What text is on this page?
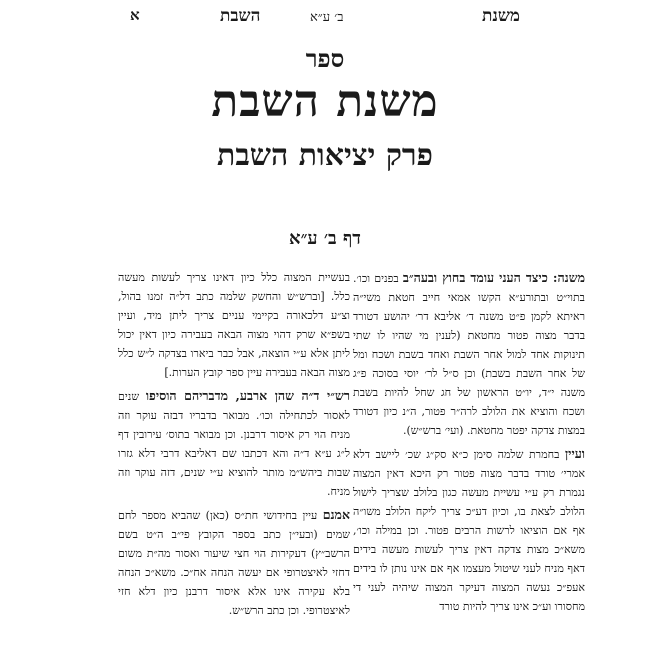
משנת
ב׳ ע״א
השבת
א
ספר
משנת השבת
פרק יציאות השבת
דף ב׳ ע״א

משנה: כיצד העני עומד בחוץ ובעה״ב בפנים וכו׳. בתוי״ט ובתורע״א הקשו אמאי חייב חטאת משי״ה ראיתא לקמן פ״ט משנה ד׳ אליבא דר׳ יהושע דטורד בדבר מצוה פטור מחטאת (לענין מי שהיו לו שתי תינוקות אחד למול אחר השבת ואחד בשבת ושכח ומל של אחר השבת בשבת) וכן ס״ל לר׳ יוסי בסוכה פ״ג משנה י״ד, יו״ט הראשון של חג שחל להיות בשבת ושכח והוציא את הלולב לרה״ר פטור, ה״נ כיון דטורד במצות צדקה יפטר מחטאת. (ועי׳ ברש״ש).

ועיין בחמרת שלמה סימן כ״א סק״ג שכ׳ ליישב דלא אמרי׳ טורד בדבר מצוה פטור רק היכא דאין המצוה נגמרת רק ע״י עשיית מעשה כגון בלולב שצריך לישול הלולב לצאת בו, וכיון דע״כ צריך ליקח הלולב משו״ה אף אם הוציאו לרשות הרבים פטור. וכן במילה וכו׳, משא״כ מצות צדקה דאין צריך לעשות מעשה בידים דאף מניח לעני שיטול מעצמו אף אם אינו נותן לו בידים אעפ״כ נעשה המצוה דעיקר המצוה שיהיה לעני די מחסורו וע״כ אינו צריך להיות טורד

בעשיית המצוה כלל כיון דאינו צריך לעשות מעשה כלל. [וברש״ש והחשק שלמה כתב דל״ה זמנו בהול, וצ״ע דלכאורה בקיימי עניים צריך ליתן מיד, ועיין בשפ״א שרק דהוי מצוה הבאה בעבירה כיון דאין יכול ליתן אלא ע״י הוצאה, אבל כבר ביארו בצדקה ל״ש כלל מצוה הבאה בעבירה עיין ספר קובץ הערות.]

רש״י ד״ה שהן ארבע, מדבריהם הוסיפו שנים לאסור לכתחילה וכו׳. מבואר בדבריו דבזה עוקר וזה מניח הוי רק איסור דרבנן. וכן מבואר בתוס׳ עירובין דף ל״ג ע״א ד״ה והא דכתבו שם דאליבא דרבי דלא גזרו שבות ביהש״מ מותר להוציא ע״י שנים, דזה עוקר וזה מניח.

אמנם עיין בחידושי חת״ס (כאן) שהביא מספר לחם שמים (ובעי״ן כתב בספר הקובץ פי״ב ה״ט בשם הרשב״ץ) דעקירות הוי חצי שיעור ואסור מה״ת משום דחזי לאיצטרופי אם יעשה הנחה אח״כ. משא״כ הנחה בלא עקירה אינו אלא איסור דרבנן כיון דלא חזי לאיצטרופי. וכן כתב הרש״ש.
